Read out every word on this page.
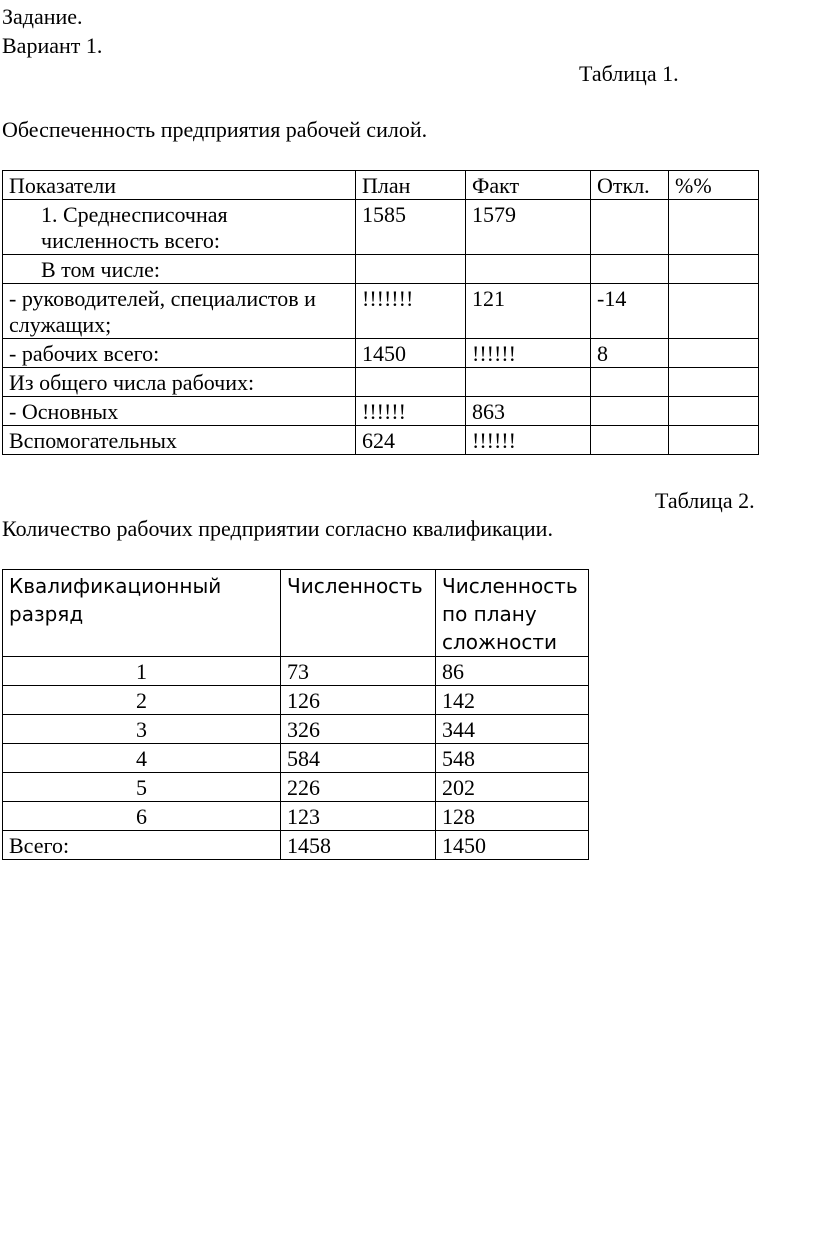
Задание.
Вариант 1.
Таблица 1.
Обеспеченность предприятия рабочей силой.
Показатели	План	Факт	Откл.	%%
1. Среднесписочная численность всего:	1585	1579		
В том числе:				
- руководителей, специалистов и служащих;	!!!!!!!	121	-14	
- рабочих всего:	1450	!!!!!!	8	
Из общего числа рабочих:				
- Основных	!!!!!!	863		
Вспомогательных	624	!!!!!!		
Таблица 2.
Количество рабочих предприятии согласно квалификации.
Квалификационный разряд	Численность	Численность по плану сложности
1	73	86
2	126	142
3	326	344
4	584	548
5	226	202
6	123	128
Всего:	1458	1450
